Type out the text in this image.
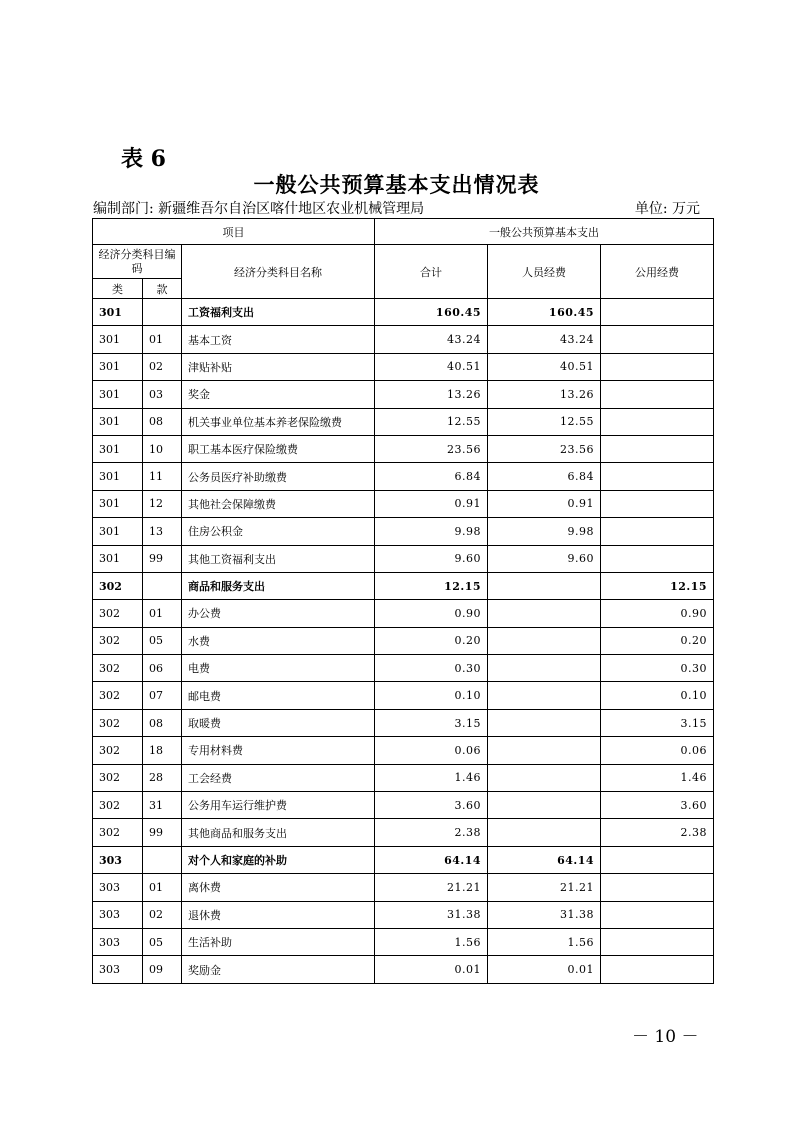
表 6
一般公共预算基本支出情况表
编制部门: 新疆维吾尔自治区喀什地区农业机械管理局	单位: 万元
项目			一般公共预算基本支出		
经济分类科目编码		经济分类科目名称	合计	人员经费	公用经费
类	款				
301		工资福利支出	160.45	160.45	
301	01	基本工资	43.24	43.24	
301	02	津贴补贴	40.51	40.51	
301	03	奖金	13.26	13.26	
301	08	机关事业单位基本养老保险缴费	12.55	12.55	
301	10	职工基本医疗保险缴费	23.56	23.56	
301	11	公务员医疗补助缴费	6.84	6.84	
301	12	其他社会保障缴费	0.91	0.91	
301	13	住房公积金	9.98	9.98	
301	99	其他工资福利支出	9.60	9.60	
302		商品和服务支出	12.15		12.15
302	01	办公费	0.90		0.90
302	05	水费	0.20		0.20
302	06	电费	0.30		0.30
302	07	邮电费	0.10		0.10
302	08	取暖费	3.15		3.15
302	18	专用材料费	0.06		0.06
302	28	工会经费	1.46		1.46
302	31	公务用车运行维护费	3.60		3.60
302	99	其他商品和服务支出	2.38		2.38
303		对个人和家庭的补助	64.14	64.14	
303	01	离休费	21.21	21.21	
303	02	退休费	31.38	31.38	
303	05	生活补助	1.56	1.56	
303	09	奖励金	0.01	0.01	
－ 10 －
